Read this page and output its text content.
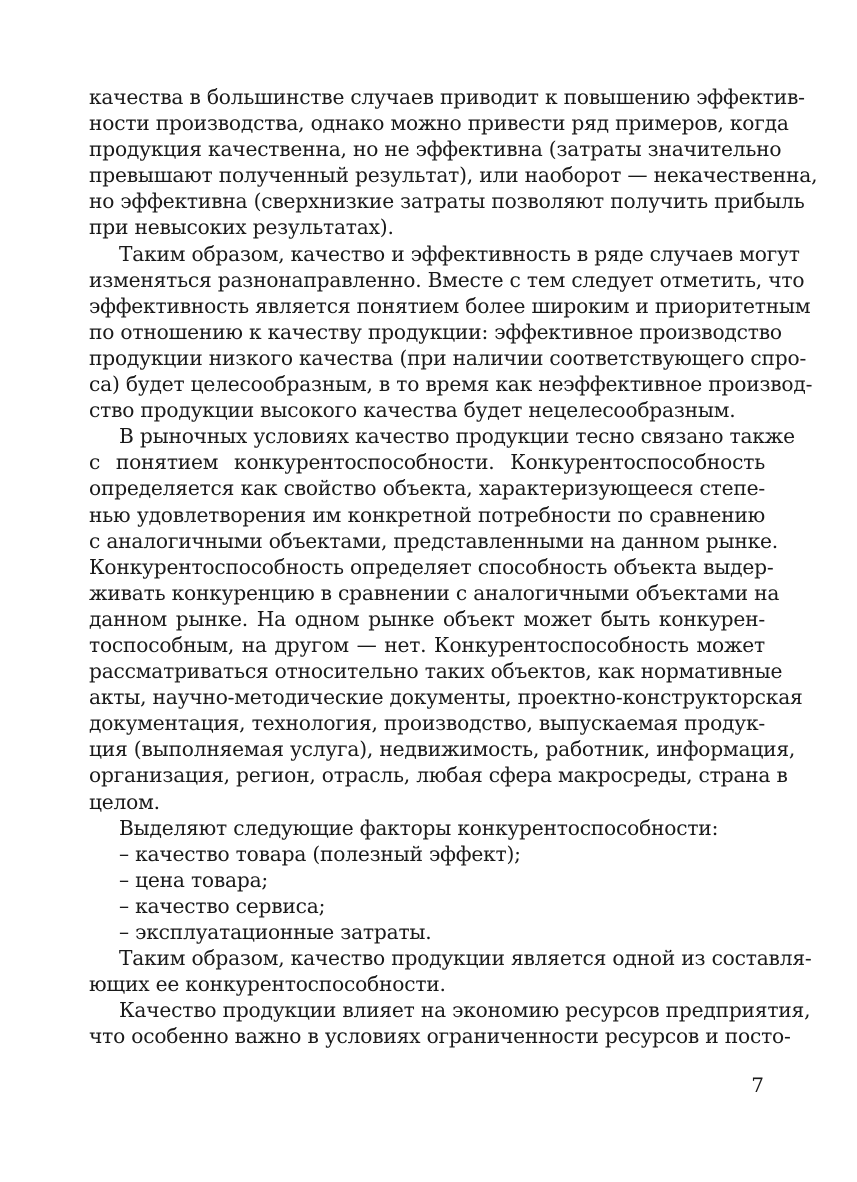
качества в большинстве случаев приводит к повышению эффектив-
ности производства, однако можно привести ряд примеров, когда
продукция качественна, но не эффективна (затраты значительно
превышают полученный результат), или наоборот — некачественна,
но эффективна (сверхнизкие затраты позволяют получить прибыль
при невысоких результатах).
Таким образом, качество и эффективность в ряде случаев могут
изменяться разнонаправленно. Вместе с тем следует отметить, что
эффективность является понятием более широким и приоритетным
по отношению к качеству продукции: эффективное производство
продукции низкого качества (при наличии соответствующего спро-
са) будет целесообразным, в то время как неэффективное производ-
ство продукции высокого качества будет нецелесообразным.
В рыночных условиях качество продукции тесно связано также
с понятием конкурентоспособности. Конкурентоспособность
определяется как свойство объекта, характеризующееся степе-
нью удовлетворения им конкретной потребности по сравнению
с аналогичными объектами, представленными на данном рынке.
Конкурентоспособность определяет способность объекта выдер-
живать конкуренцию в сравнении с аналогичными объектами на
данном рынке. На одном рынке объект может быть конкурен-
тоспособным, на другом — нет. Конкурентоспособность может
рассматриваться относительно таких объектов, как нормативные
акты, научно-методические документы, проектно-конструкторская
документация, технология, производство, выпускаемая продук-
ция (выполняемая услуга), недвижимость, работник, информация,
организация, регион, отрасль, любая сфера макросреды, страна в
целом.
Выделяют следующие факторы конкурентоспособности:
– качество товара (полезный эффект);
– цена товара;
– качество сервиса;
– эксплуатационные затраты.
Таким образом, качество продукции является одной из составля-
ющих ее конкурентоспособности.
Качество продукции влияет на экономию ресурсов предприятия,
что особенно важно в условиях ограниченности ресурсов и посто-
7
